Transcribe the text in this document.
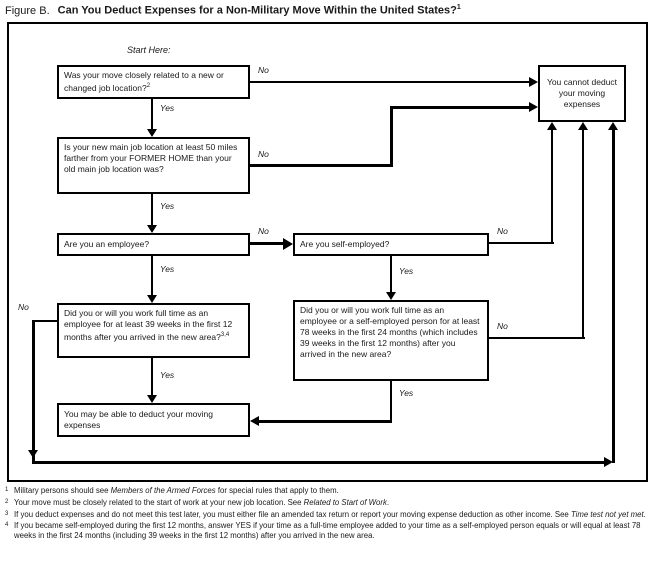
Figure B. Can You Deduct Expenses for a Non-Military Move Within the United States?$^1$
Start Here:
Was your move closely related to a new or changed job location?$^2$
Is your new main job location at least 50 miles farther from your FORMER HOME than your old main job location was?
Are you an employee?	Are you self-employed?
Did you or will you work full time as an employee for at least 39 weeks in the first 12 months after you arrived in the new area?$^{3,4}$
Did you or will you work full time as an employee or a self-employed person for at least 78 weeks in the first 24 months (which includes 39 weeks in the first 12 months) after you arrived in the new area?
You may be able to deduct your moving expenses
You cannot deduct your moving expenses
Yes
No
Yes
No
Yes
No
Yes
No
Yes
No
Yes
No
1 Military persons should see Members of the Armed Forces for special rules that apply to them.
2 Your move must be closely related to the start of work at your new job location. See Related to Start of Work.
3 If you deduct expenses and do not meet this test later, you must either file an amended tax return or report your moving expense deduction as other income. See Time test not yet met.
4 If you became self-employed during the first 12 months, answer YES if your time as a full-time employee added to your time as a self-employed person equals or will equal at least 78 weeks in the first 24 months (including 39 weeks in the first 12 months) after you arrived in the new area.
